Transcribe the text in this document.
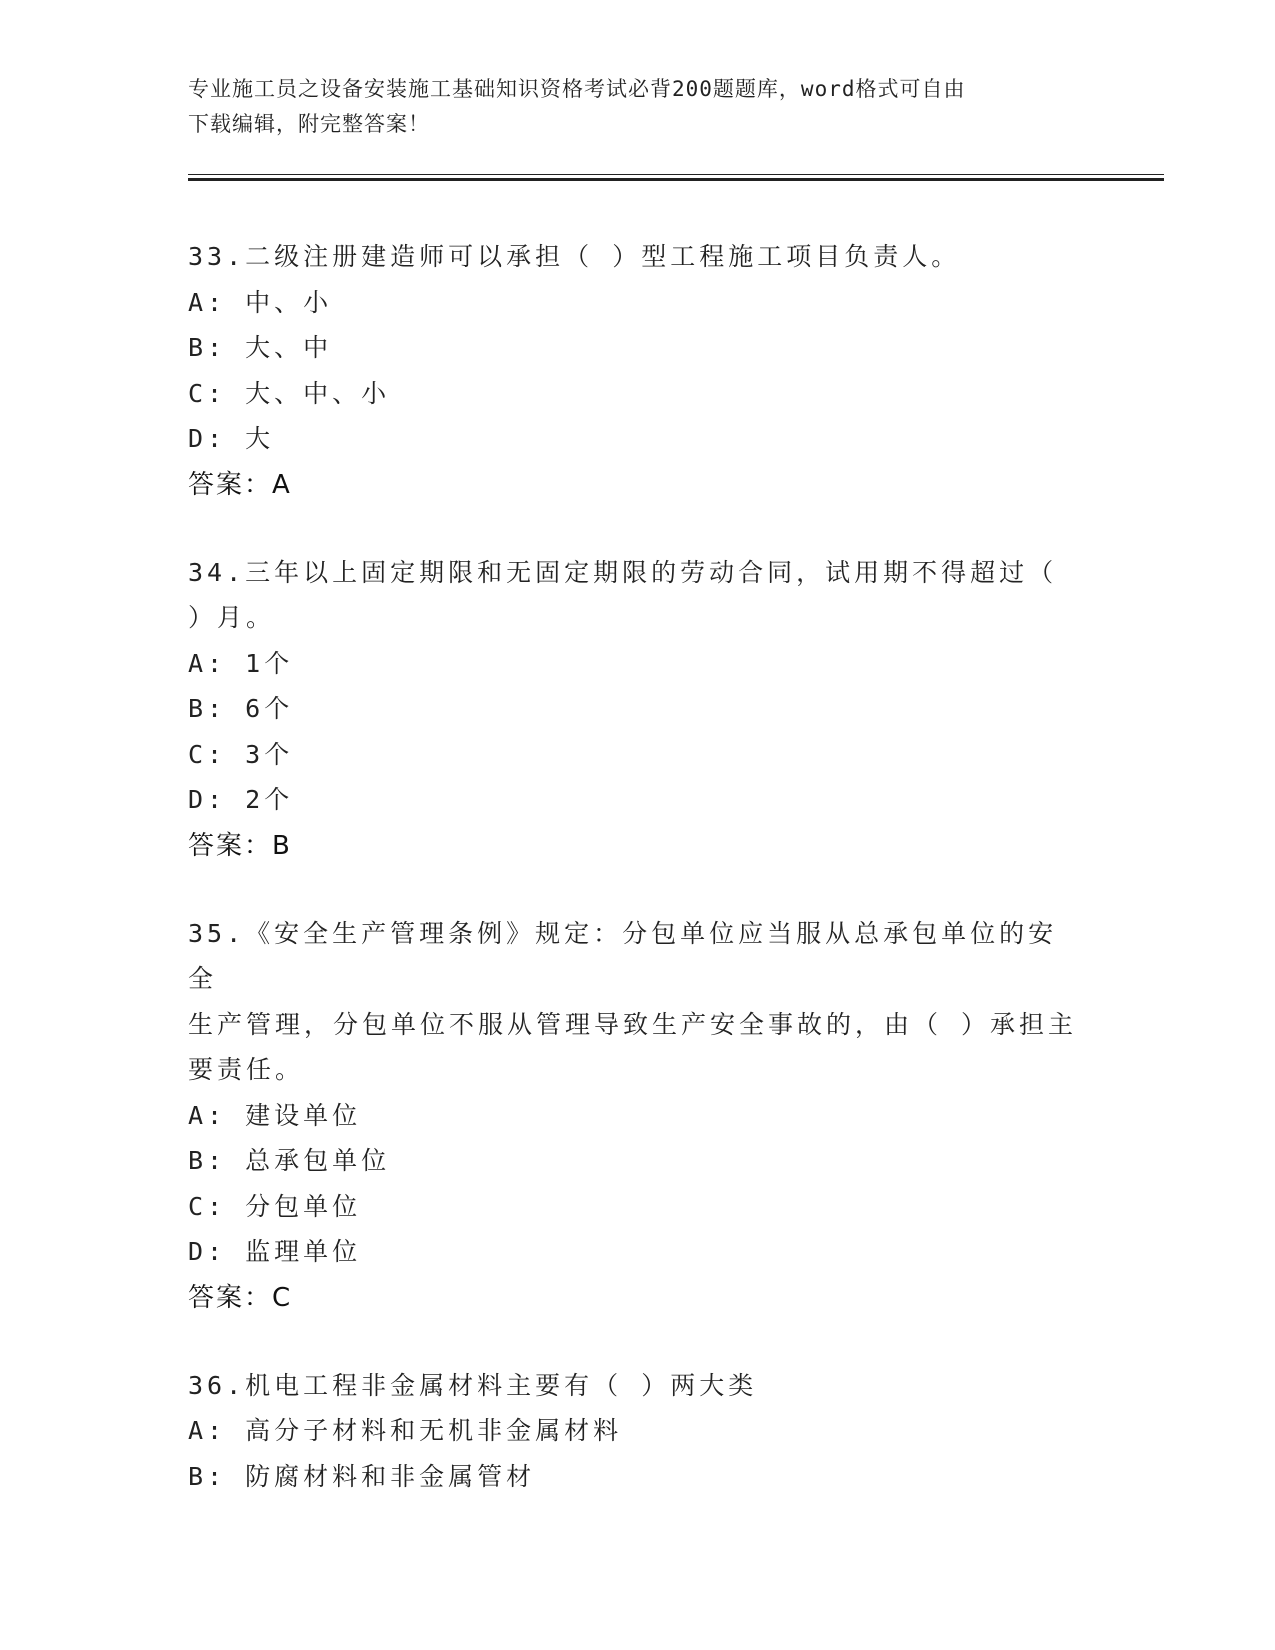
专业施工员之设备安装施工基础知识资格考试必背200题题库，word格式可自由
下载编辑，附完整答案！

33.二级注册建造师可以承担（ ）型工程施工项目负责人。

A: 中、小

B: 大、中

C: 大、中、小

D: 大

答案：A

34.三年以上固定期限和无固定期限的劳动合同，试用期不得超过（

）月。

A: 1个

B: 6个

C: 3个

D: 2个

答案：B

35.《安全生产管理条例》规定：分包单位应当服从总承包单位的安全

生产管理，分包单位不服从管理导致生产安全事故的，由（ ）承担主

要责任。

A: 建设单位

B: 总承包单位

C: 分包单位

D: 监理单位

答案：C

36.机电工程非金属材料主要有（ ）两大类

A: 高分子材料和无机非金属材料

B: 防腐材料和非金属管材
